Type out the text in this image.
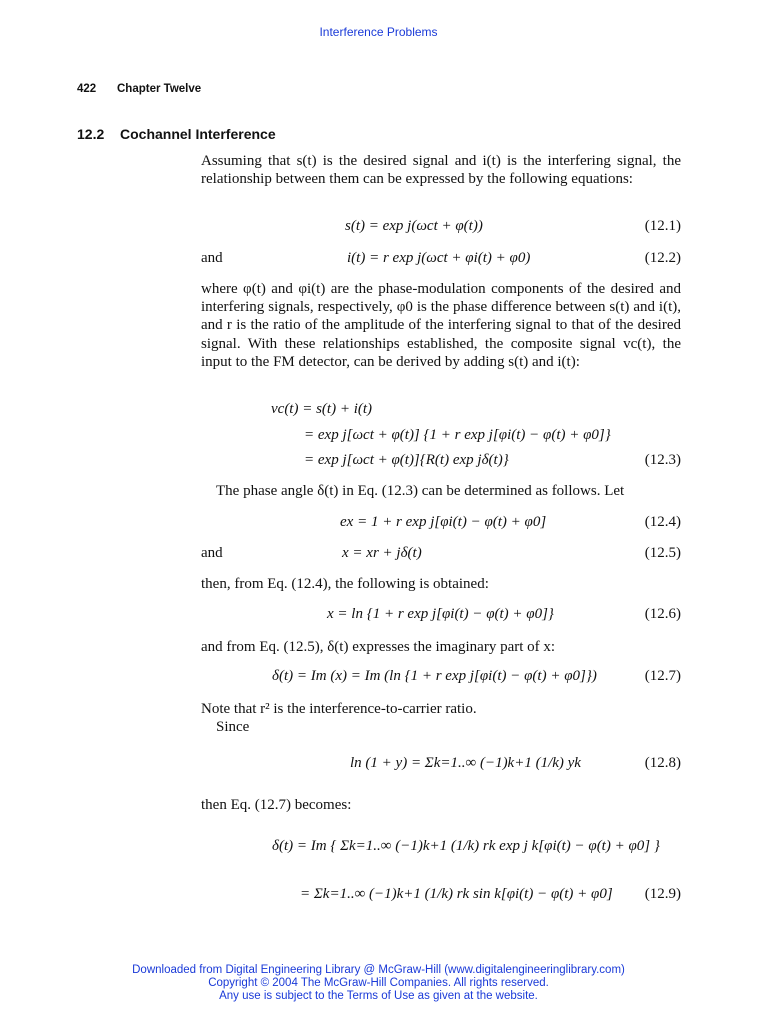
Interference Problems
422 Chapter Twelve
12.2 Cochannel Interference
Assuming that s(t) is the desired signal and i(t) is the interfering signal, the relationship between them can be expressed by the following equations:
s(t) = exp j(ωct + φ(t))	(12.1)
and	i(t) = r exp j(ωct + φi(t) + φ0)	(12.2)
where φ(t) and φi(t) are the phase-modulation components of the desired and interfering signals, respectively, φ0 is the phase difference between s(t) and i(t), and r is the ratio of the amplitude of the interfering signal to that of the desired signal. With these relationships established, the composite signal vc(t), the input to the FM detector, can be derived by adding s(t) and i(t):
vc(t) = s(t) + i(t)
= exp j[ωct + φ(t)] {1 + r exp j[φi(t) − φ(t) + φ0]}
= exp j[ωct + φ(t)]{R(t) exp jδ(t)}	(12.3)
The phase angle δ(t) in Eq. (12.3) can be determined as follows. Let
ex = 1 + r exp j[φi(t) − φ(t) + φ0]	(12.4)
and	x = xr + jδ(t)	(12.5)
then, from Eq. (12.4), the following is obtained:
x = ln {1 + r exp j[φi(t) − φ(t) + φ0]}	(12.6)
and from Eq. (12.5), δ(t) expresses the imaginary part of x:
δ(t) = Im (x) = Im (ln {1 + r exp j[φi(t) − φ(t) + φ0]})	(12.7)
Note that r² is the interference-to-carrier ratio.
Since
ln (1 + y) = Σk=1..∞ (−1)k+1 (1/k) yk	(12.8)
then Eq. (12.7) becomes:
δ(t) = Im { Σk=1..∞ (−1)k+1 (1/k) rk exp j k[φi(t) − φ(t) + φ0] }
= Σk=1..∞ (−1)k+1 (1/k) rk sin k[φi(t) − φ(t) + φ0] (12.9)
Downloaded from Digital Engineering Library @ McGraw-Hill (www.digitalengineeringlibrary.com)
Copyright © 2004 The McGraw-Hill Companies. All rights reserved.
Any use is subject to the Terms of Use as given at the website.
